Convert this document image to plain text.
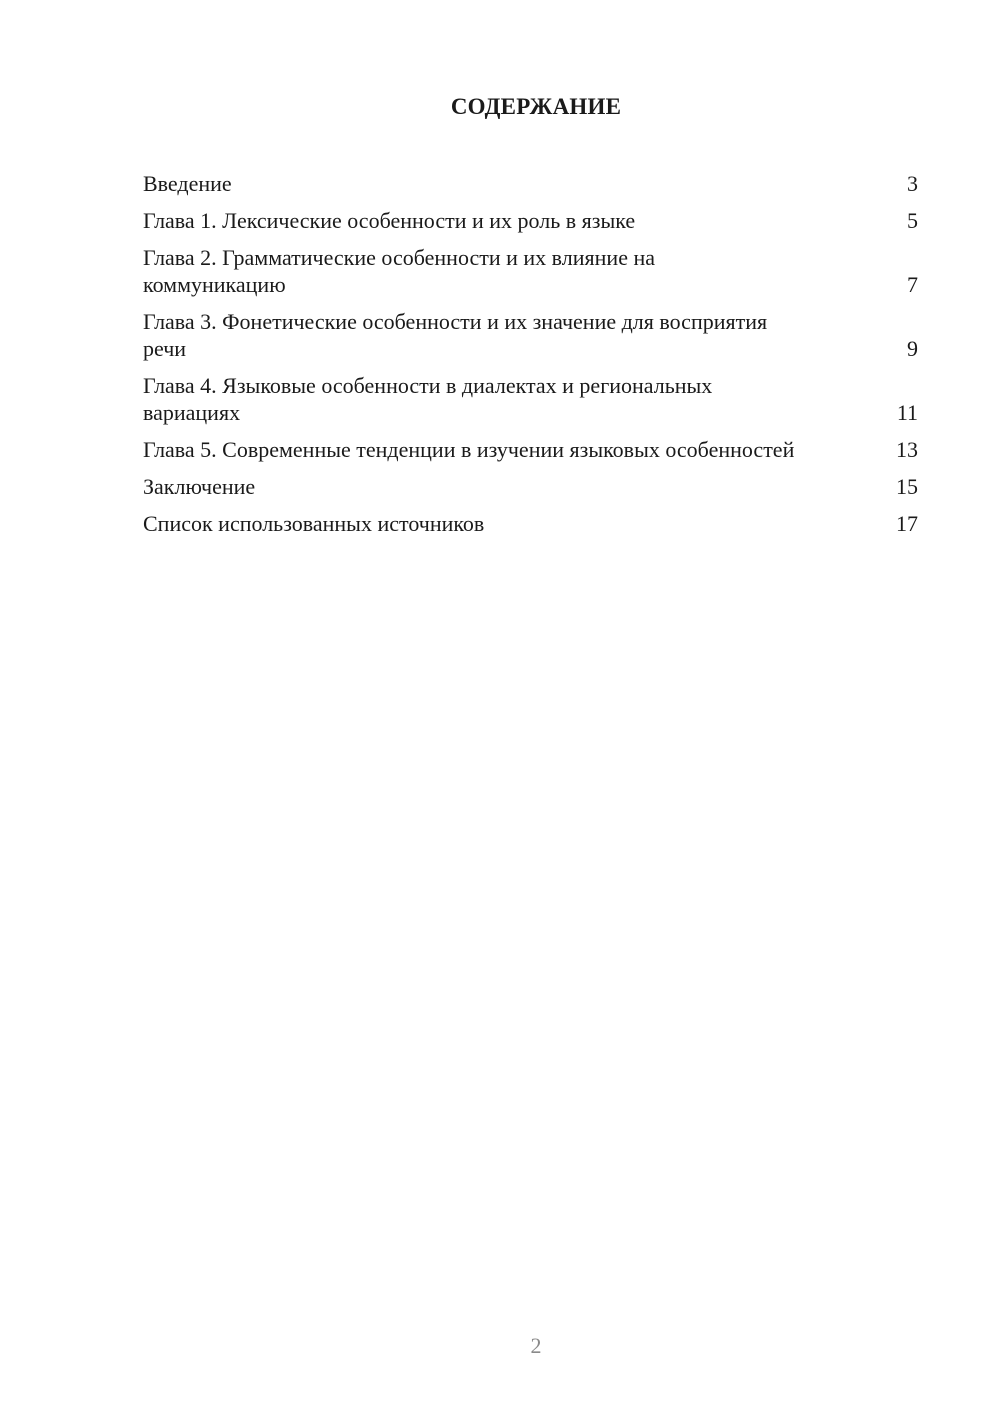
СОДЕРЖАНИЕ
Введение	3
Глава 1. Лексические особенности и их роль в языке	5
Глава 2. Грамматические особенности и их влияние на коммуникацию	7
Глава 3. Фонетические особенности и их значение для восприятия речи	9
Глава 4. Языковые особенности в диалектах и региональных вариациях	11
Глава 5. Современные тенденции в изучении языковых особенностей	13
Заключение	15
Список использованных источников	17
2
